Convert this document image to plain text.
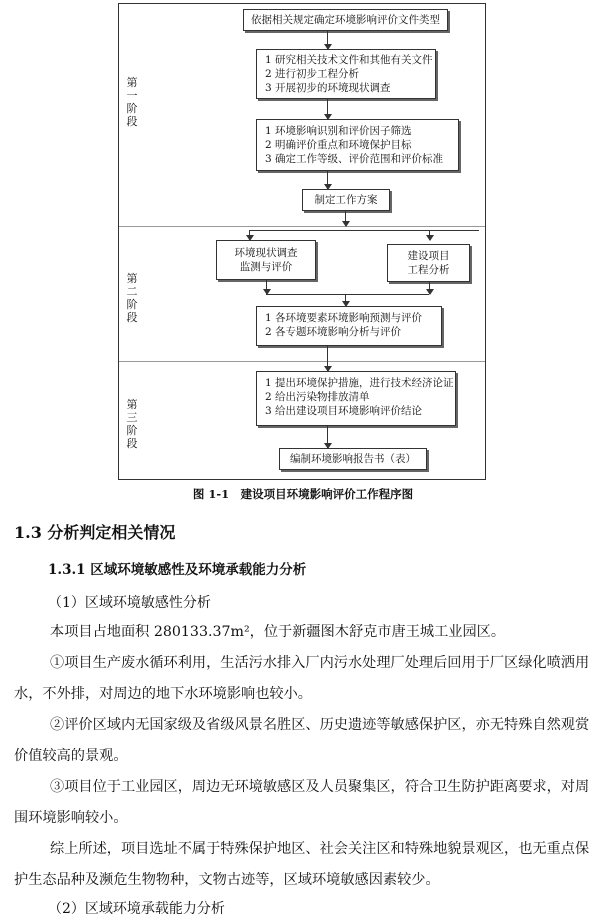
第
一
阶
段
第
二
阶
段
第
三
阶
段
依据相关规定确定环境影响评价文件类型
1 研究相关技术文件和其他有关文件
2 进行初步工程分析
3 开展初步的环境现状调查
1 环境影响识别和评价因子筛选
2 明确评价重点和环境保护目标
3 确定工作等级、评价范围和评价标准
制定工作方案
环境现状调查
监测与评价
建设项目
工程分析
1 各环境要素环境影响预测与评价
2 各专题环境影响分析与评价
1 提出环境保护措施，进行技术经济论证
2 给出污染物排放清单
3 给出建设项目环境影响评价结论
编制环境影响报告书（表）
图 1-1　建设项目环境影响评价工作程序图
1.3 分析判定相关情况
1.3.1 区域环境敏感性及环境承载能力分析
（1）区域环境敏感性分析
本项目占地面积 280133.37m²，位于新疆图木舒克市唐王城工业园区。
①项目生产废水循环利用，生活污水排入厂内污水处理厂处理后回用于厂区绿化喷洒用水，不外排，对周边的地下水环境影响也较小。
②评价区域内无国家级及省级风景名胜区、历史遗迹等敏感保护区，亦无特殊自然观赏价值较高的景观。
③项目位于工业园区，周边无环境敏感区及人员聚集区，符合卫生防护距离要求，对周围环境影响较小。
综上所述，项目选址不属于特殊保护地区、社会关注区和特殊地貌景观区，也无重点保护生态品种及濒危生物物种，文物古迹等，区域环境敏感因素较少。
（2）区域环境承载能力分析
